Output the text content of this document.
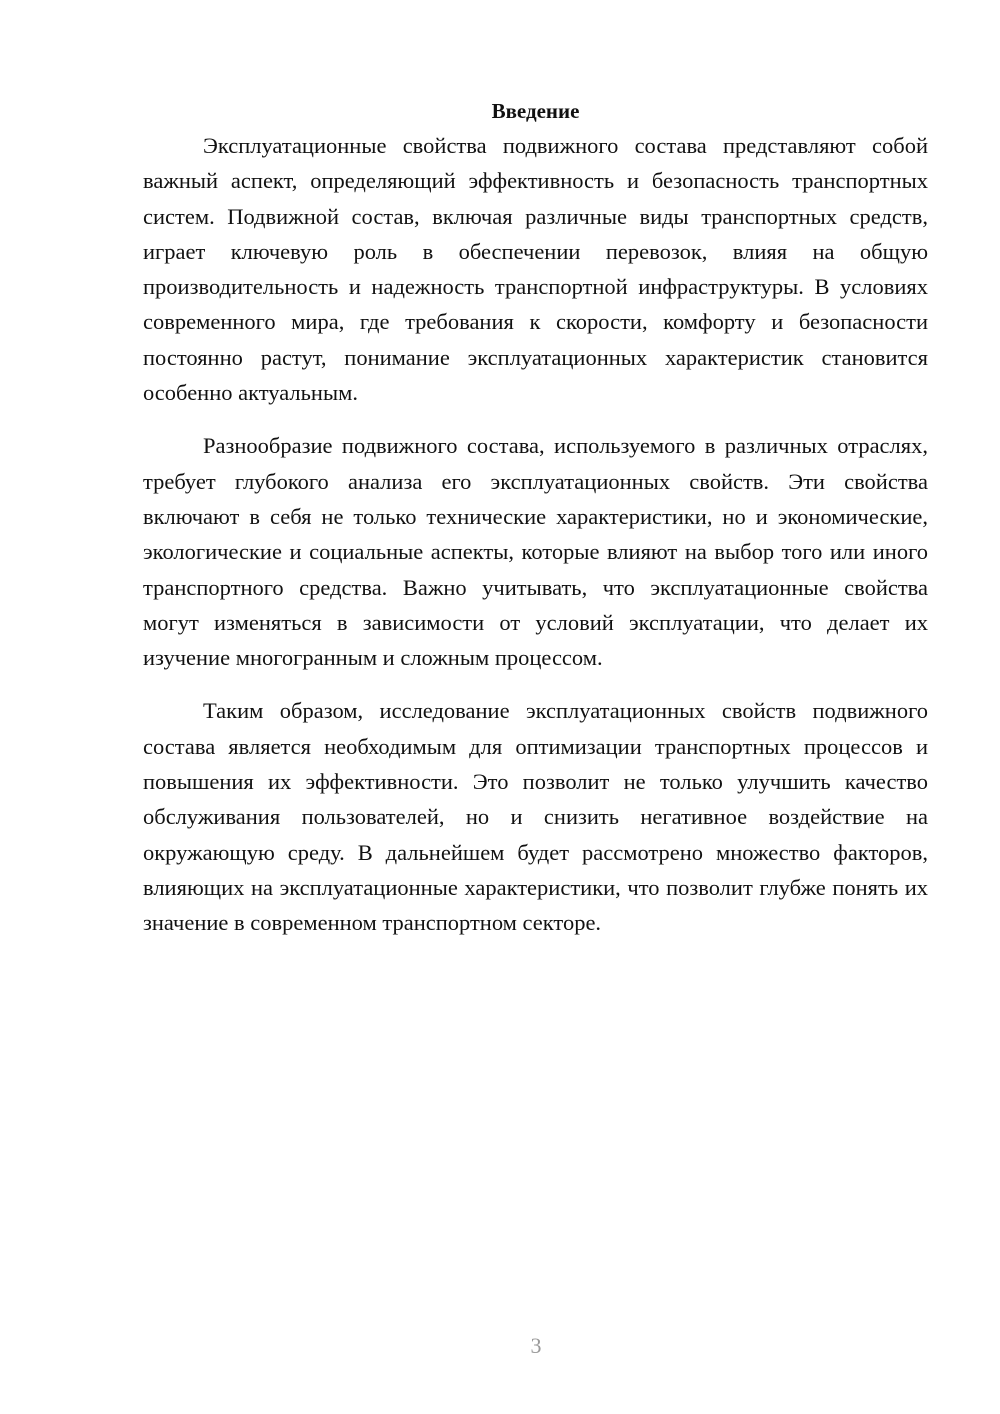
Введение

Эксплуатационные свойства подвижного состава представляют собой важный аспект, определяющий эффективность и безопасность транспортных систем. Подвижной состав, включая различные виды транспортных средств, играет ключевую роль в обеспечении перевозок, влияя на общую производительность и надежность транспортной инфраструктуры. В условиях современного мира, где требования к скорости, комфорту и безопасности постоянно растут, понимание эксплуатационных характеристик становится особенно актуальным.

Разнообразие подвижного состава, используемого в различных отраслях, требует глубокого анализа его эксплуатационных свойств. Эти свойства включают в себя не только технические характеристики, но и экономические, экологические и социальные аспекты, которые влияют на выбор того или иного транспортного средства. Важно учитывать, что эксплуатационные свойства могут изменяться в зависимости от условий эксплуатации, что делает их изучение многогранным и сложным процессом.

Таким образом, исследование эксплуатационных свойств подвижного состава является необходимым для оптимизации транспортных процессов и повышения их эффективности. Это позволит не только улучшить качество обслуживания пользователей, но и снизить негативное воздействие на окружающую среду. В дальнейшем будет рассмотрено множество факторов, влияющих на эксплуатационные характеристики, что позволит глубже понять их значение в современном транспортном секторе.

3
